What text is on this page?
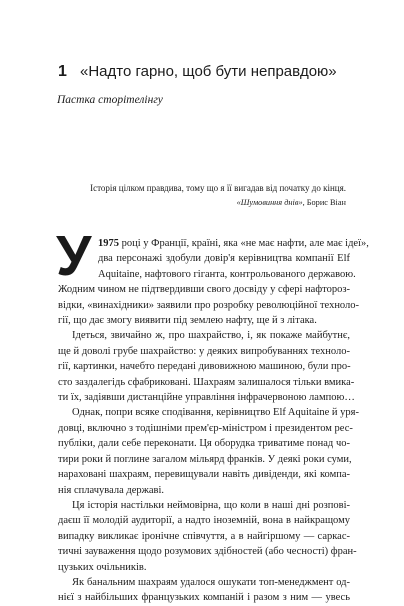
1 «Надто гарно, щоб бути неправдою»
Пастка сторітелінгу

Історія цілком правдива, тому що я її вигадав від початку до кінця.

«Шумовиння днів», Борис Віан
У 1975 році у Франції, країні, яка «не має нафти, але має ідеї»,
два персонажі здобули довір'я керівництва компанії Elf
Aquitaine, нафтового гіганта, контрольованого державою.
Жодним чином не підтвердивши свого досвіду у сфері нафторoз-
відки, «винахідники» заявили про розробку революційної техноло-
гії, що дає змогу виявити під землею нафту, ще й з літака.

Ідеться, звичайно ж, про шахрайство, і, як покаже майбутнє,
ще й доволі грубе шахрайство: у деяких випробуваннях техноло-
гії, картинки, начебто передані дивовижною машиною, були про-
сто заздалегідь сфабриковані. Шахраям залишалося тільки вмика-
ти їх, задіявши дистанційне управління інфрачервоною лампою…

Однак, попри всяке сподівання, керівництво Elf Aquitaine й уря-
довці, включно з тодішніми прем'єр-міністром і президентом рес-
публіки, дали себе переконати. Ця оборудка триватиме понад чо-
тири роки й поглине загалом мільярд франків. У деякі роки суми,
нараховані шахраям, перевищували навіть дивіденди, які компа-
нія сплачувала державі.

Ця історія настільки неймовірна, що коли в наші дні розпові-
даєш її молодій аудиторії, а надто іноземній, вона в найкращому
випадку викликає іронічне співчуття, а в найгіршому — саркас-
тичні зауваження щодо розумових здібностей (або чесності) фран-
цузьких очільників.

Як банальним шахраям удалося ошукати топ-менеджмент од-
нієї з найбільших французьких компаній і разом з ним — увесь
